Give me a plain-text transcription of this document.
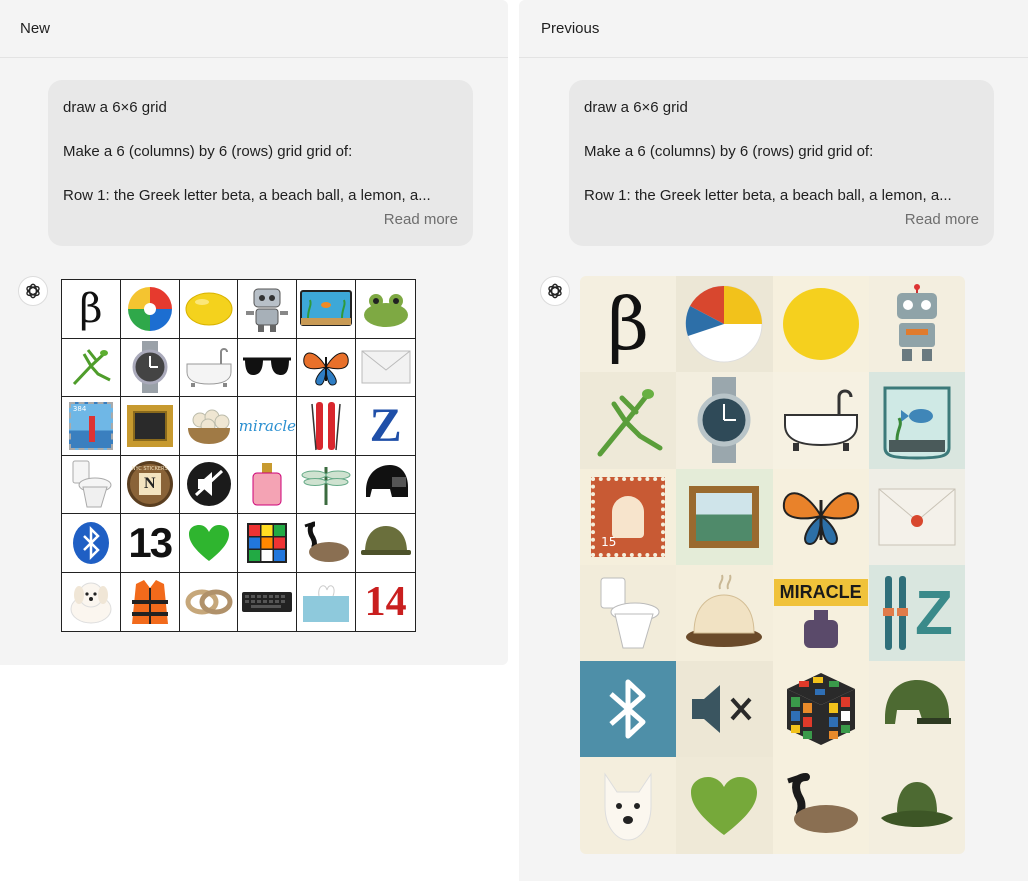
New

draw a 6×6 grid

Make a 6 (columns) by 6 (rows) grid grid of:

Row 1: the Greek letter beta, a beach ball, a lemon, a...

Read more
β
384
miracle Z
NYC STICKERS
N
13
14
Previous

draw a 6×6 grid

Make a 6 (columns) by 6 (rows) grid grid of:

Row 1: the Greek letter beta, a beach ball, a lemon, a...

Read more
β
15
MIRACLE Z
